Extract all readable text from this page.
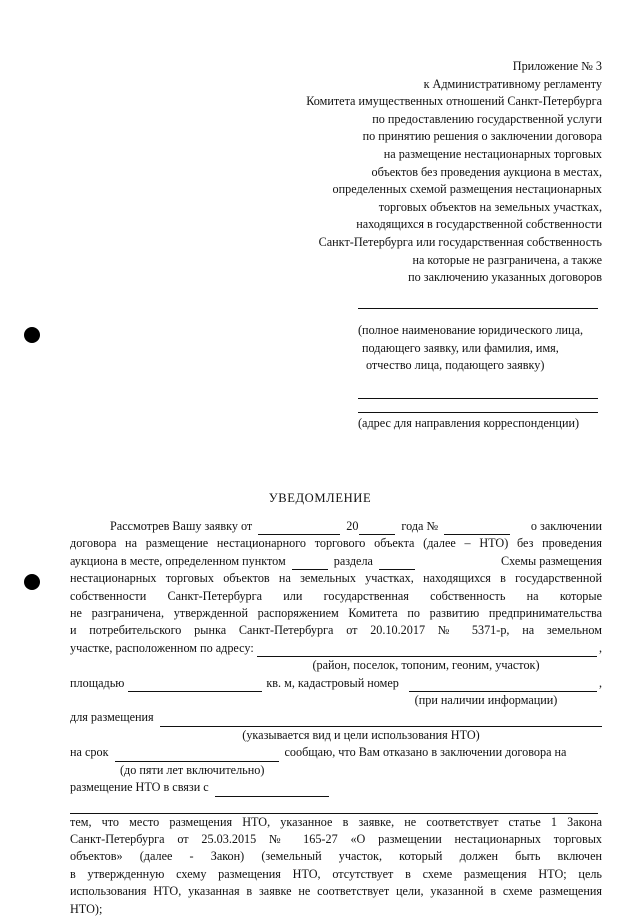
Приложение № 3
к Административному регламенту
Комитета имущественных отношений Санкт-Петербурга
по предоставлению государственной услуги
по принятию решения о заключении договора
на размещение нестационарных торговых
объектов без проведения аукциона в местах,
определенных схемой размещения нестационарных
торговых объектов на земельных участках,
находящихся в государственной собственности
Санкт-Петербурга или государственная собственность
на которые не разграничена, а также
по заключению указанных договоров
(полное наименование юридического лица,
подающего заявку, или фамилия, имя,
отчество лица, подающего заявку)
(адрес для направления корреспонденции)
УВЕДОМЛЕНИЕ
Рассмотрев Вашу заявку от	20	года №	о заключении
договора на размещение нестационарного торгового объекта (далее – НТО) без проведения
аукциона в месте, определенном пунктом	раздела	Схемы размещения
нестационарных торговых объектов на земельных участках, находящихся в государственной
собственности Санкт-Петербурга или государственная собственность на которые
не разграничена, утвержденной распоряжением Комитета по развитию предпринимательства
и потребительского рынка Санкт-Петербурга от 20.10.2017 № 5371-р, на земельном
участке, расположенном по адресу:	,
(район, поселок, топоним, геоним, участок)
площадью	кв. м, кадастровый номер	,
(при наличии информации)
для размещения
(указывается вид и цели использования НТО)
на срок	сообщаю, что Вам отказано в заключении договора на
(до пяти лет включительно)
размещение НТО в связи с
тем, что место размещения НТО, указанное в заявке, не соответствует статье 1 Закона
Санкт-Петербурга от 25.03.2015 № 165-27 «О размещении нестационарных торговых
объектов» (далее - Закон) (земельный участок, который должен быть включен
в утвержденную схему размещения НТО, отсутствует в схеме размещения НТО; цель
использования НТО, указанная в заявке не соответствует цели, указанной в схеме размещения
НТО);
